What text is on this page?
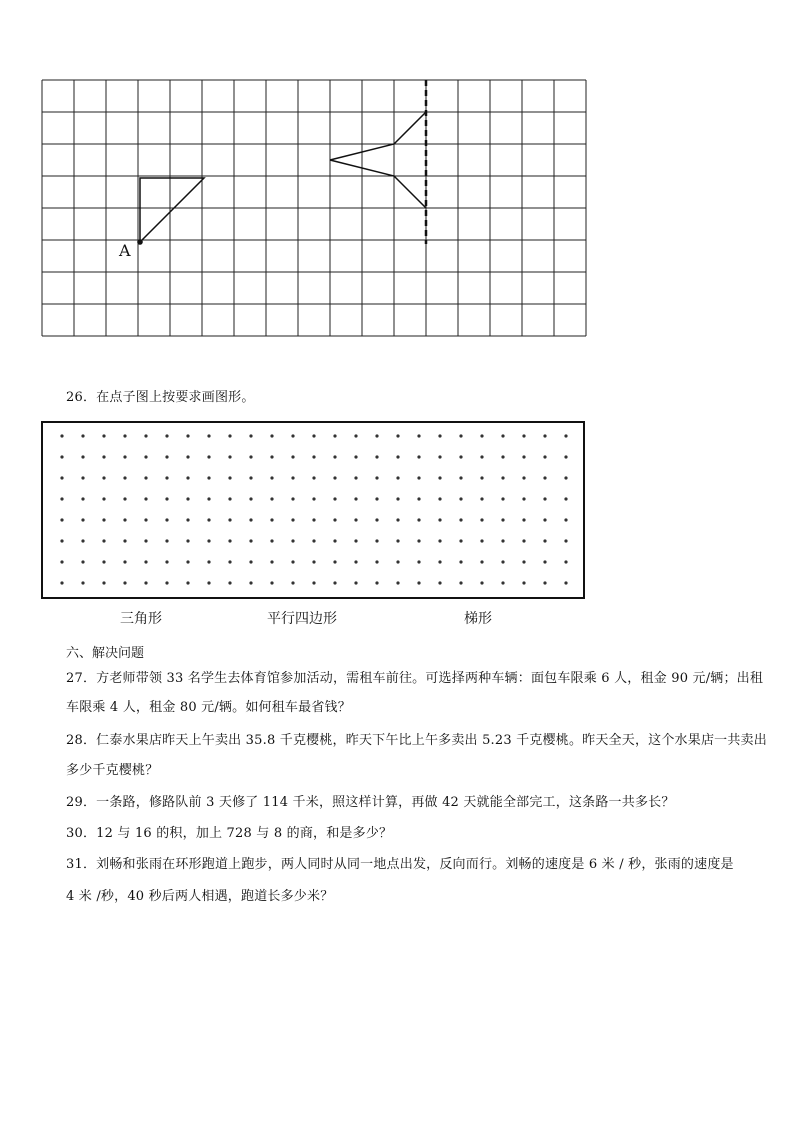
A
26．在点子图上按要求画图形。
三角形	平行四边形	梯形
六、解决问题
27．方老师带领 33 名学生去体育馆参加活动，需租车前往。可选择两种车辆：面包车限乘 6 人，租金 90 元/辆；出租
车限乘 4 人，租金 80 元/辆。如何租车最省钱？
28．仁泰水果店昨天上午卖出 35.8 千克樱桃，昨天下午比上午多卖出 5.23 千克樱桃。昨天全天，这个水果店一共卖出
多少千克樱桃？
29．一条路，修路队前 3 天修了 114 千米，照这样计算，再做 42 天就能全部完工，这条路一共多长？
30．12 与 16 的积，加上 728 与 8 的商，和是多少？
31．刘畅和张雨在环形跑道上跑步，两人同时从同一地点出发，反向而行。刘畅的速度是 6 米 / 秒，张雨的速度是
4 米 /秒，40 秒后两人相遇，跑道长多少米？
